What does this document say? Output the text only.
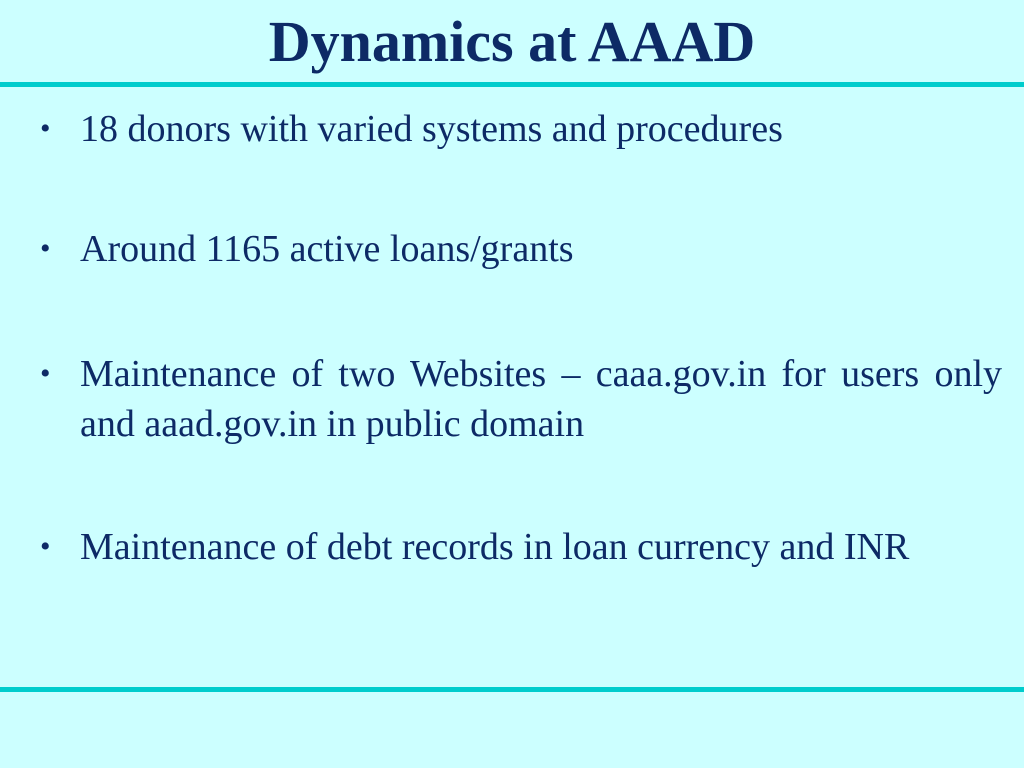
Dynamics at AAAD
• 18 donors with varied systems and procedures
• Around 1165 active loans/grants
• Maintenance of two Websites – caaa.gov.in for users only and aaad.gov.in in public domain
• Maintenance of debt records in loan currency and INR
